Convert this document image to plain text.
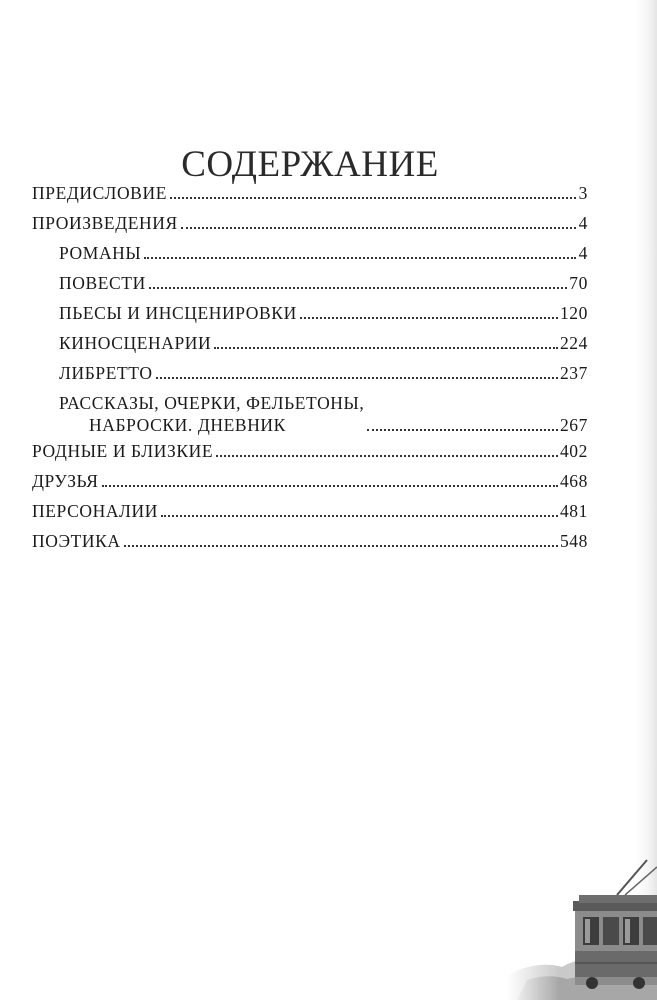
СОДЕРЖАНИЕ
ПРЕДИСЛОВИЕ	3
ПРОИЗВЕДЕНИЯ	4
РОМАНЫ	4
ПОВЕСТИ	70
ПЬЕСЫ И ИНСЦЕНИРОВКИ	120
КИНОСЦЕНАРИИ	224
ЛИБРЕТТО	237
РАССКАЗЫ, ОЧЕРКИ, ФЕЛЬЕТОНЫ,
НАБРОСКИ. ДНЕВНИК	267
РОДНЫЕ И БЛИЗКИЕ	402
ДРУЗЬЯ	468
ПЕРСОНАЛИИ	481
ПОЭТИКА	548
